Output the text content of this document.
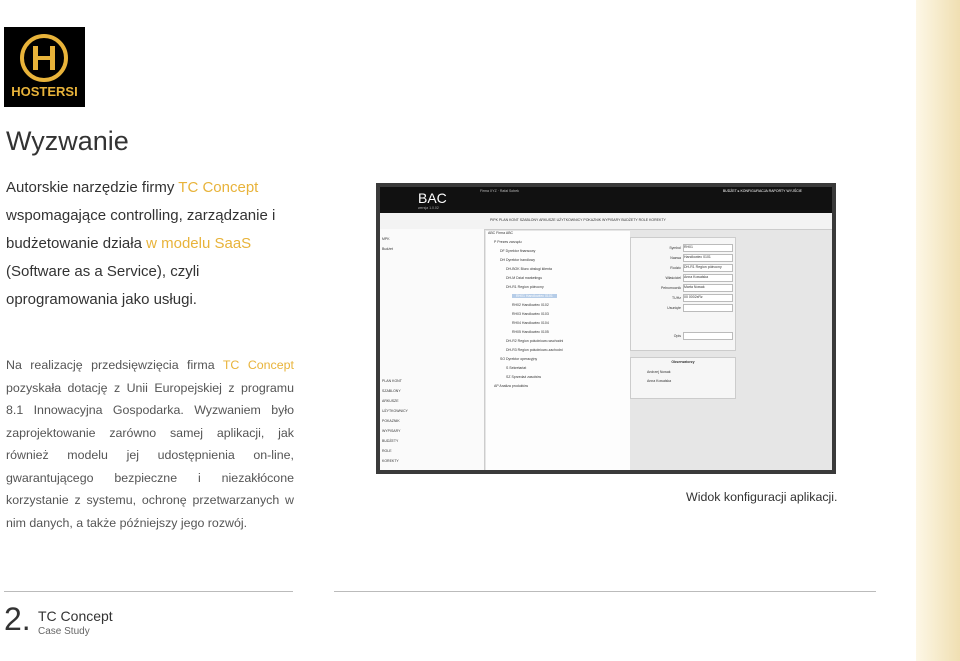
HOSTERSI
Wyzwanie
Autorskie narzędzie firmy TC Concept wspomagające controlling, zarządzanie i budżetowanie działa w modelu SaaS (Software as a Service), czyli oprogramowania jako usługi.
Na realizację przedsięwzięcia firma TC Concept pozyskała dotację z Unii Europejskiej z programu 8.1 Innowacyjna Gospodarka. Wyzwaniem było zaprojektowanie zarówno samej aplikacji, jak również modelu jej udostępnienia on-line, gwarantującego bezpieczne i niezakłócone korzystanie z systemu, ochronę przetwarzanych w nim danych, a także późniejszy jego rozwój.
BAC
wersja 1.0.02
Firma XYZ · Rafał Sobek	BUDŻET ▸ KONFIGURACJA RAPORTY WYJŚCIE
PIPK PLAN KONT SZABLONY ARKUSZE UŻYTKOWNICY POKAZNIK WYPISARY BUDŻETY ROLE KOREKTY
MPK
Budżet
PLAN KONT
SZABLONY
ARKUSZE
UŻYTKOWNICY
POKAZNIK
WYPISARY
BUDŻETY
ROLE
KOREKTY
ABC Firma ABC
P Prezes zarządu
DF Dyrektor finansowy
DH Dyrektor handlowy
DH-BOK Biuro obsługi klienta
DH-M Dział marketingu
DH-R1 Region północny
RH01 Handlowiec 0101
RH02 Handlowiec 0102
RH03 Handlowiec 0103
RH04 Handlowiec 0104
RH05 Handlowiec 0105
DH-R2 Region południowo-wschodni
DH-R3 Region południowo-zachodni
SO Dyrektor operacyjny
S Sekretariat
SZ Sprzedaż zasobów
AP Analiza produktów
Symbol RH01
Nazwa Handlowiec 0101
Rodzic DH-R1 Region północny
Właściciel Anna Kowalska
Pełnomocnik Marta Nowak
TUHz 00 0002xRz
Usunięte
Opis
Obserwatorzy
Andrzej Nowak
Anna Kowalska
Widok konfiguracji aplikacji.
2. TC Concept
Case Study
